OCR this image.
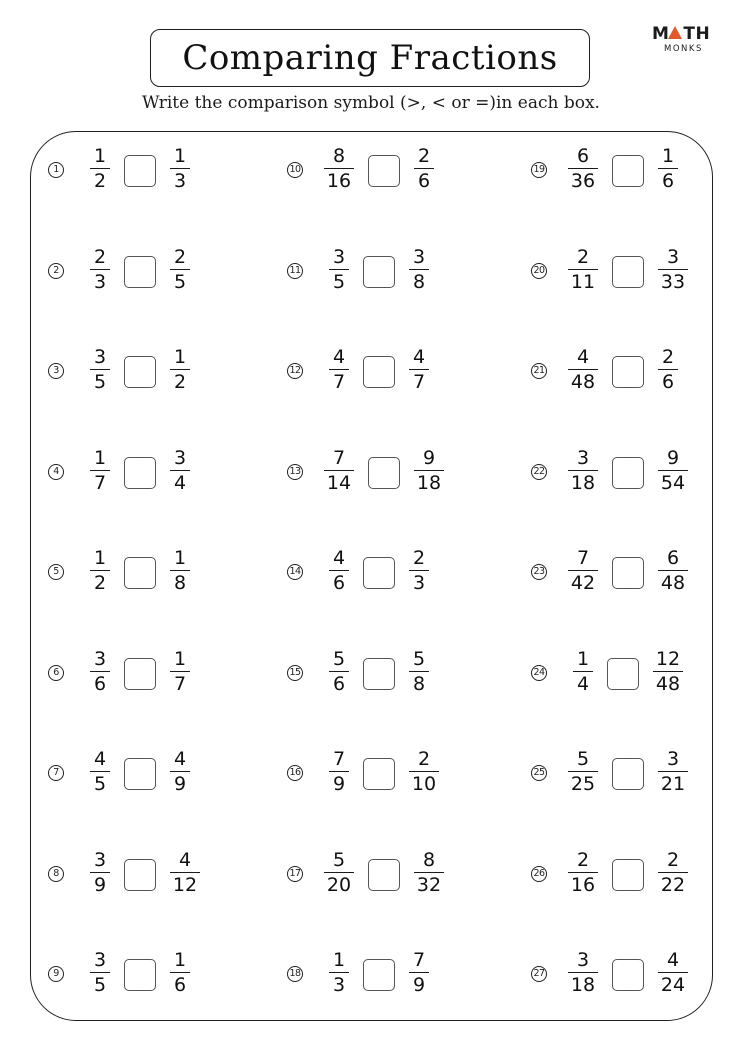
Comparing Fractions
M TH
MONKS
Write the comparison symbol (>, < or =)in each box.
1
1
2
1
3
2
2
3
2
5
3
3
5
1
2
4
1
7
3
4
5
1
2
1
8
6
3
6
1
7
7
4
5
4
9
8
3
9
4
12
9
3
5
1
6
10
8
16
2
6
11
3
5
3
8
12
4
7
4
7
13
7
14
9
18
14
4
6
2
3
15
5
6
5
8
16
7
9
2
10
17
5
20
8
32
18
1
3
7
9
19
6
36
1
6
20
2
11
3
33
21
4
48
2
6
22
3
18
9
54
23
7
42
6
48
24
1
4
12
48
25
5
25
3
21
26
2
16
2
22
27
3
18
4
24
